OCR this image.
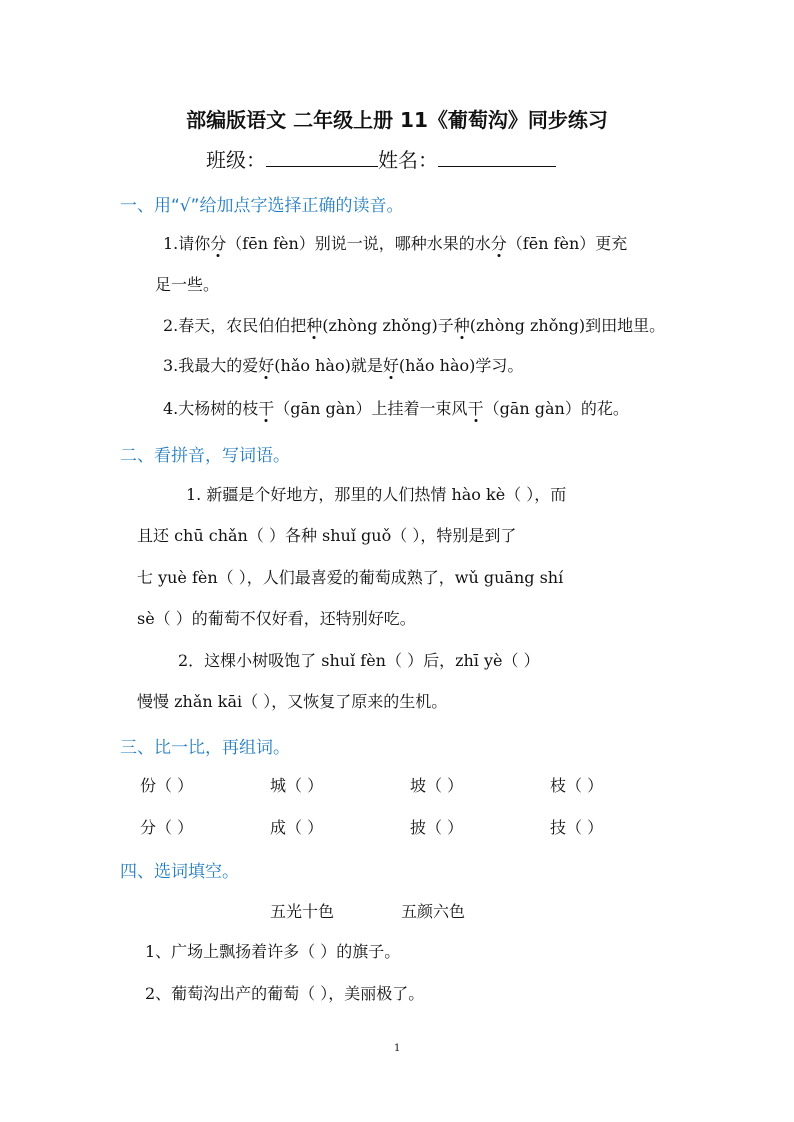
部编版语文 二年级上册 11《葡萄沟》同步练习
班级：	姓名：
一、用“√”给加点字选择正确的读音。
1.请你分（fēn fèn）别说一说，哪种水果的水分（fēn fèn）更充
足一些。
2.春天，农民伯伯把种(zhòng zhǒng)子种(zhòng zhǒng)到田地里。
3.我最大的爱好(hǎo hào)就是好(hǎo hào)学习。
4.大杨树的枝干（gān gàn）上挂着一束风干（gān gàn）的花。
二、看拼音，写词语。
1. 新疆是个好地方，那里的人们热情 hào kè（ ），而
且还 chū chǎn（ ）各种 shuǐ guǒ（ ），特别是到了
七 yuè fèn（ ），人们最喜爱的葡萄成熟了，wǔ guāng shí
sè（ ）的葡萄不仅好看，还特别好吃。
2．这棵小树吸饱了 shuǐ fèn（ ）后，zhī yè（ ）
慢慢 zhǎn kāi（ ），又恢复了原来的生机。
三、比一比，再组词。
份（ ）	城（ ）	坡（ ）	枝（ ）
分（ ）	成（ ）	披（ ）	技（ ）
四、选词填空。
五光十色	五颜六色
1、广场上飘扬着许多（ ）的旗子。
2、葡萄沟出产的葡萄（ ），美丽极了。
1
